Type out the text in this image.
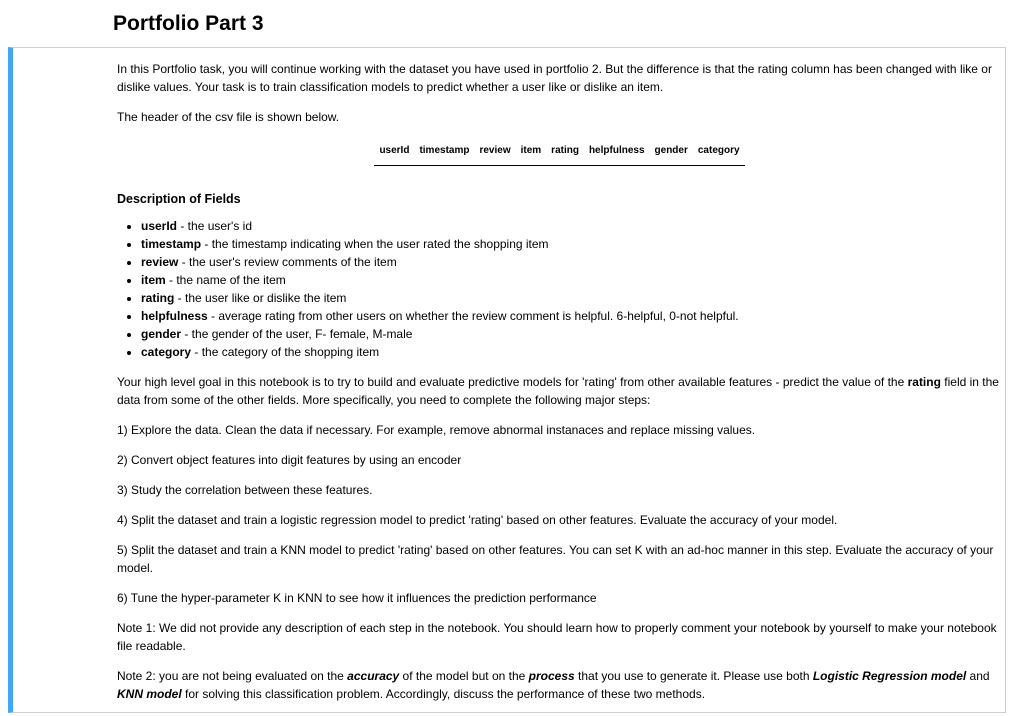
Portfolio Part 3

In this Portfolio task, you will continue working with the dataset you have used in portfolio 2. But the difference is that the rating column has been changed with like or dislike values. Your task is to train classification models to predict whether a user like or dislike an item.

The header of the csv file is shown below.

userId	timestamp	review	item	rating	helpfulness	gender	category
Description of Fields
• userId - the user's id
• timestamp - the timestamp indicating when the user rated the shopping item
• review - the user's review comments of the item
• item - the name of the item
• rating - the user like or dislike the item
• helpfulness - average rating from other users on whether the review comment is helpful. 6-helpful, 0-not helpful.
• gender - the gender of the user, F- female, M-male
• category - the category of the shopping item

Your high level goal in this notebook is to try to build and evaluate predictive models for 'rating' from other available features - predict the value of the rating field in the data from some of the other fields. More specifically, you need to complete the following major steps:

1) Explore the data. Clean the data if necessary. For example, remove abnormal instanaces and replace missing values.

2) Convert object features into digit features by using an encoder

3) Study the correlation between these features.

4) Split the dataset and train a logistic regression model to predict 'rating' based on other features. Evaluate the accuracy of your model.

5) Split the dataset and train a KNN model to predict 'rating' based on other features. You can set K with an ad-hoc manner in this step. Evaluate the accuracy of your model.

6) Tune the hyper-parameter K in KNN to see how it influences the prediction performance

Note 1: We did not provide any description of each step in the notebook. You should learn how to properly comment your notebook by yourself to make your notebook file readable.

Note 2: you are not being evaluated on the accuracy of the model but on the process that you use to generate it. Please use both Logistic Regression model and KNN model for solving this classification problem. Accordingly, discuss the performance of these two methods.
